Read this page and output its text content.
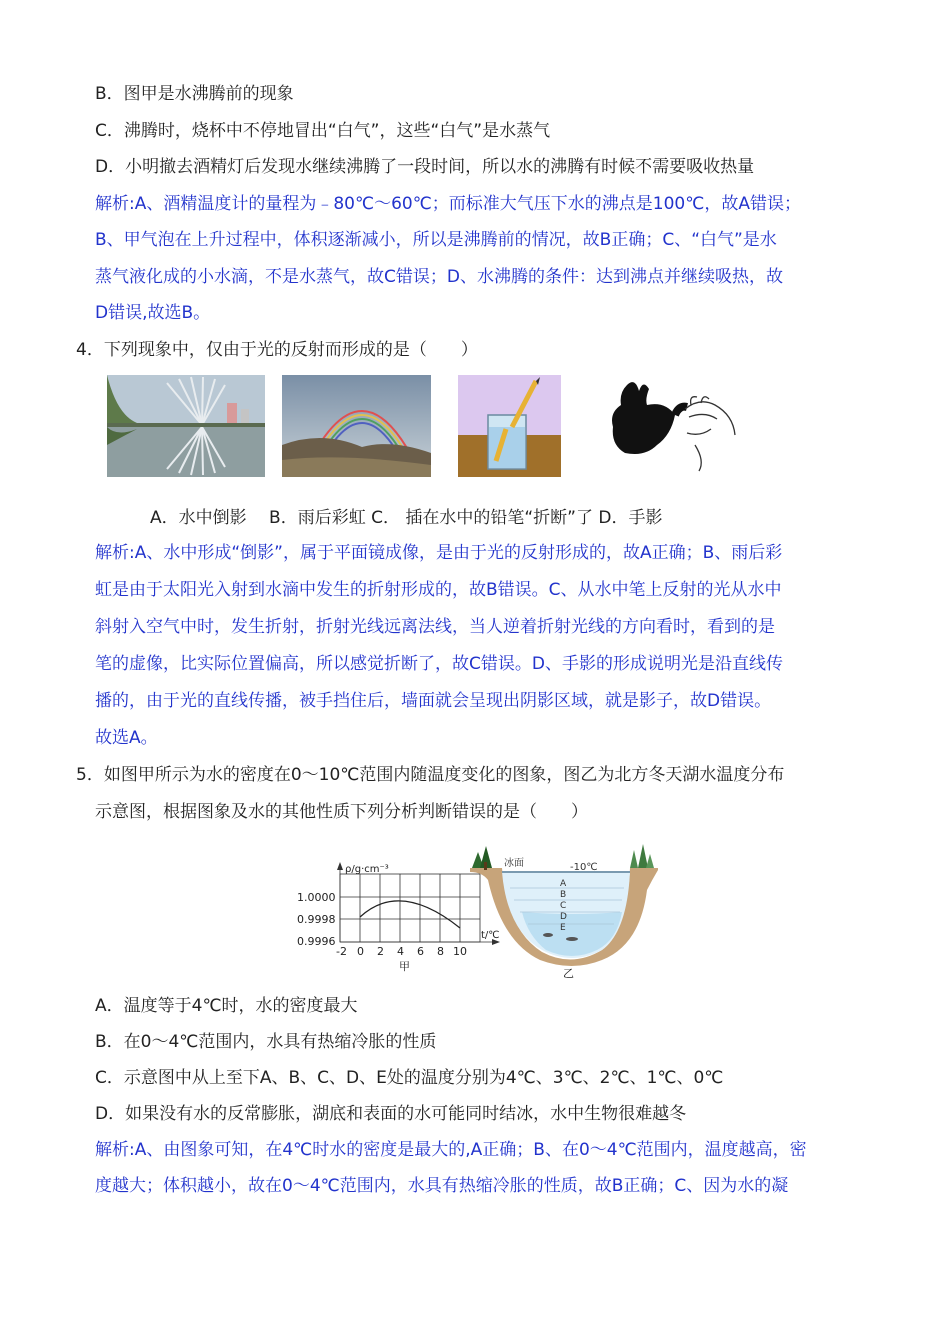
B．图甲是水沸腾前的现象
C．沸腾时，烧杯中不停地冒出“白气”，这些“白气”是水蒸气
D．小明撤去酒精灯后发现水继续沸腾了一段时间，所以水的沸腾有时候不需要吸收热量
解析:A、酒精温度计的量程为﹣80℃～60℃；而标准大气压下水的沸点是100℃，故A错误；
B、甲气泡在上升过程中，体积逐渐减小，所以是沸腾前的情况，故B正确；C、“白气”是水
蒸气液化成的小水滴，不是水蒸气，故C错误；D、水沸腾的条件：达到沸点并继续吸热，故
D错误,故选B。
4．下列现象中，仅由于光的反射而形成的是（　　）
A．水中倒影　 B．雨后彩虹 C． 插在水中的铅笔“折断”了 D．手影
解析:A、水中形成“倒影”，属于平面镜成像，是由于光的反射形成的，故A正确；B、雨后彩
虹是由于太阳光入射到水滴中发生的折射形成的，故B错误。C、从水中笔上反射的光从水中
斜射入空气中时，发生折射，折射光线远离法线，当人逆着折射光线的方向看时，看到的是
笔的虚像，比实际位置偏高，所以感觉折断了，故C错误。D、手影的形成说明光是沿直线传
播的，由于光的直线传播，被手挡住后，墙面就会呈现出阴影区域，就是影子，故D错误。
故选A。
5．如图甲所示为水的密度在0～10℃范围内随温度变化的图象，图乙为北方冬天湖水温度分布
示意图，根据图象及水的其他性质下列分析判断错误的是（　　）
ρ/g·cm⁻³
t/℃
1.0000
0.9998
0.9996
-2 0 2 4 6 8 10
甲
冰面	-10℃
A
B
C
D
E
乙
A．温度等于4℃时，水的密度最大
B．在0～4℃范围内，水具有热缩冷胀的性质
C．示意图中从上至下A、B、C、D、E处的温度分别为4℃、3℃、2℃、1℃、0℃
D．如果没有水的反常膨胀，湖底和表面的水可能同时结冰，水中生物很难越冬
解析:A、由图象可知，在4℃时水的密度是最大的,A正确；B、在0～4℃范围内，温度越高，密
度越大；体积越小，故在0～4℃范围内，水具有热缩冷胀的性质，故B正确；C、因为水的凝
